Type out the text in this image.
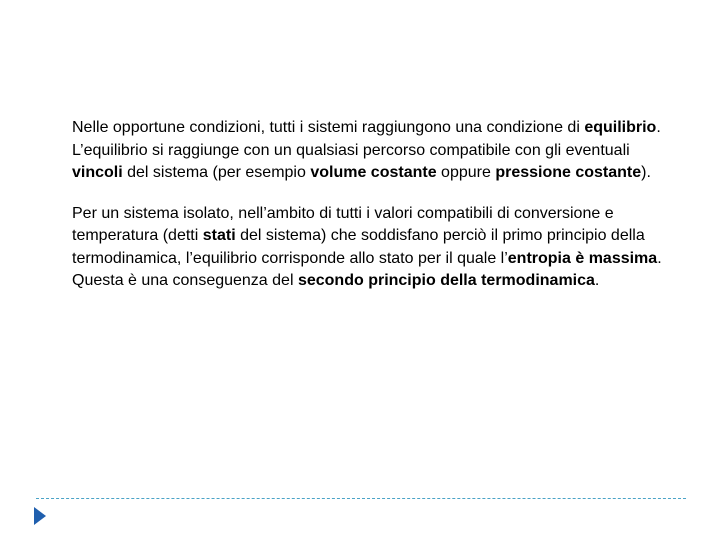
Nelle opportune condizioni, tutti i sistemi raggiungono una condizione di equilibrio. L’equilibrio si raggiunge con un qualsiasi percorso compatibile con gli eventuali vincoli del sistema (per esempio volume costante oppure pressione costante).

Per un sistema isolato, nell’ambito di tutti i valori compatibili di conversione e temperatura (detti stati del sistema) che soddisfano perciò il primo principio della termodinamica, l’equilibrio corrisponde allo stato per il quale l’entropia è massima. Questa è una conseguenza del secondo principio della termodinamica.
